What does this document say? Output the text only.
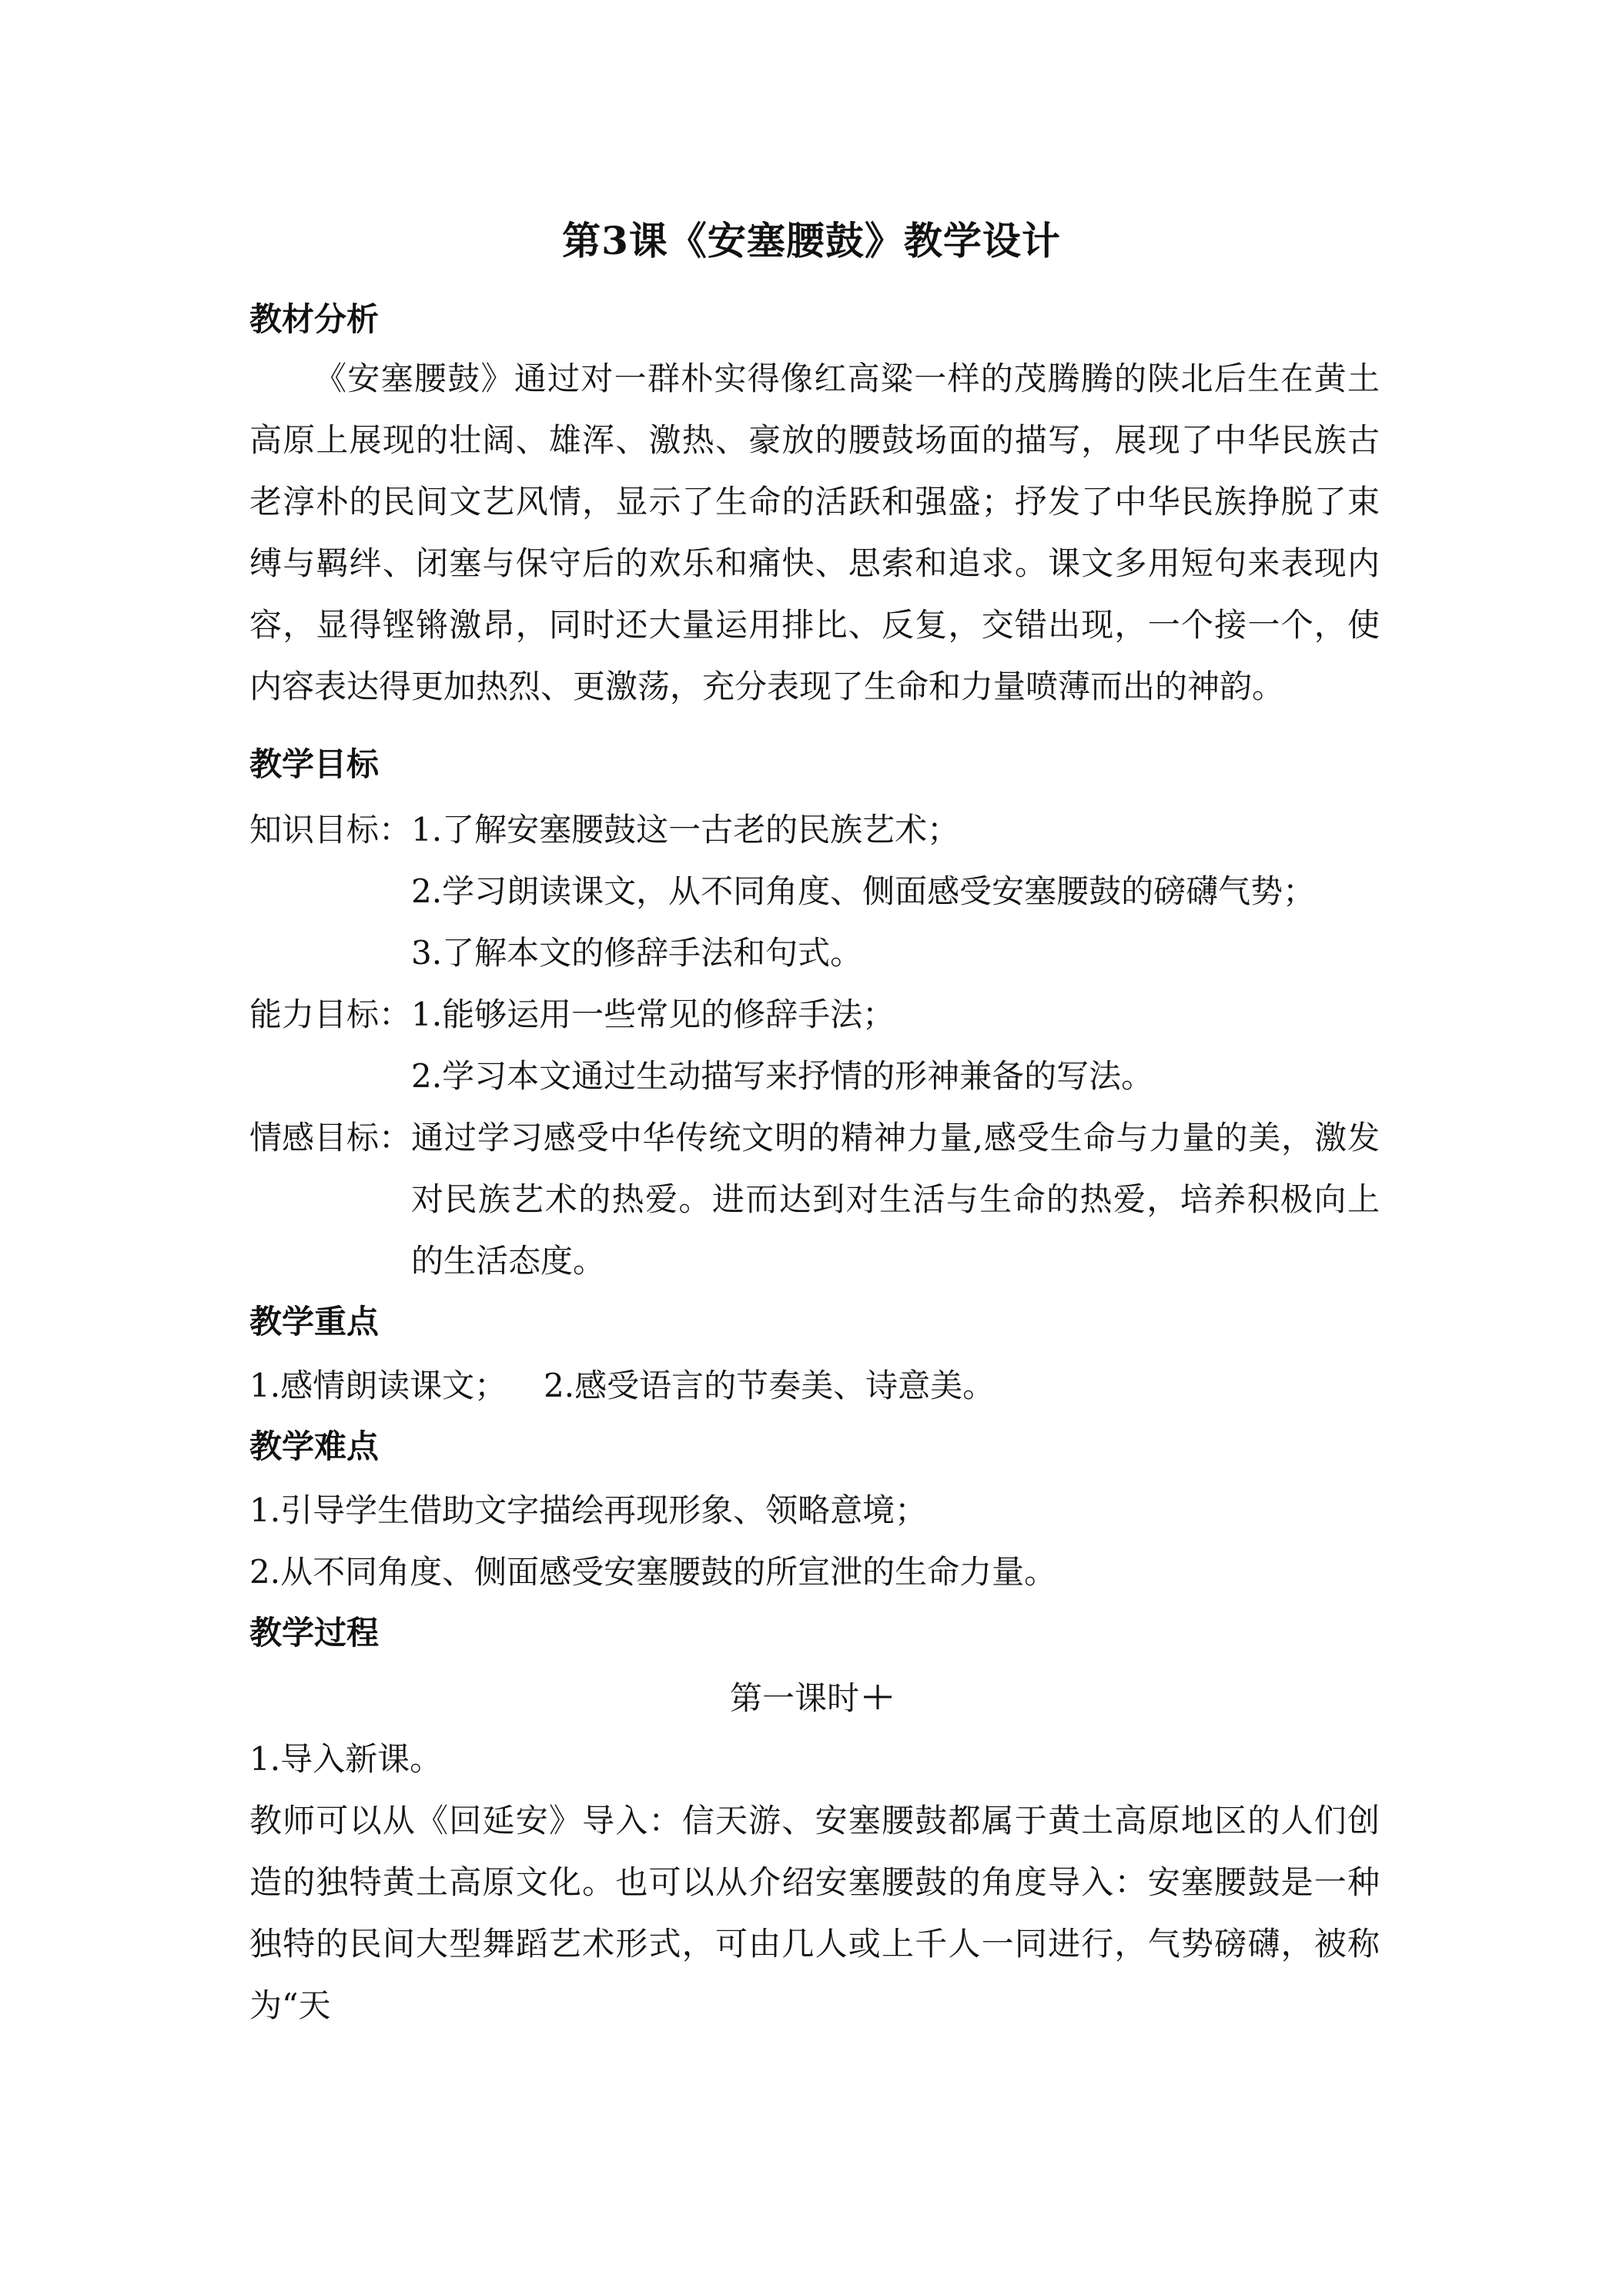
第3课《安塞腰鼓》教学设计
教材分析
《安塞腰鼓》通过对一群朴实得像红高粱一样的茂腾腾的陕北后生在黄土高原上展现的壮阔、雄浑、激热、豪放的腰鼓场面的描写，展现了中华民族古老淳朴的民间文艺风情，显示了生命的活跃和强盛；抒发了中华民族挣脱了束缚与羁绊、闭塞与保守后的欢乐和痛快、思索和追求。课文多用短句来表现内容，显得铿锵激昂，同时还大量运用排比、反复，交错出现，一个接一个，使内容表达得更加热烈、更激荡，充分表现了生命和力量喷薄而出的神韵。
教学目标
知识目标： 1.了解安塞腰鼓这一古老的民族艺术；
2.学习朗读课文，从不同角度、侧面感受安塞腰鼓的磅礴气势；
3.了解本文的修辞手法和句式。
能力目标： 1.能够运用一些常见的修辞手法；
2.学习本文通过生动描写来抒情的形神兼备的写法。
情感目标： 通过学习感受中华传统文明的精神力量,感受生命与力量的美，激发对民族艺术的热爱。进而达到对生活与生命的热爱，培养积极向上的生活态度。
教学重点
1.感情朗读课文； 2.感受语言的节奏美、诗意美。
教学难点
1.引导学生借助文字描绘再现形象、领略意境；
2.从不同角度、侧面感受安塞腰鼓的所宣泄的生命力量。
教学过程
第一课时
1.导入新课。
教师可以从《回延安》导入：信天游、安塞腰鼓都属于黄土高原地区的人们创造的独特黄土高原文化。也可以从介绍安塞腰鼓的角度导入：安塞腰鼓是一种独特的民间大型舞蹈艺术形式，可由几人或上千人一同进行，气势磅礴，被称为“天
